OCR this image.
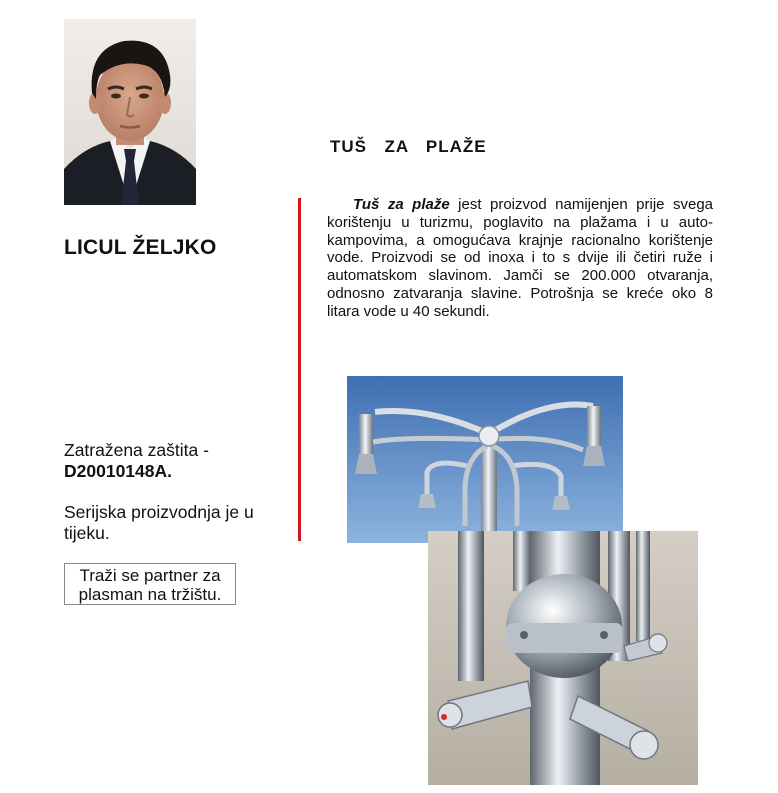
LICUL ŽELJKO
Zatražena zaštita -
D20010148A.
Serijska proizvodnja je u tijeku.
Traži se partner za plasman na tržištu.
TUŠ  ZA  PLAŽE
Tuš za plaže jest proizvod namijenjen prije svega korištenju u turizmu, poglavito na plažama i u auto-kampovima, a omogućava krajnje racionalno korištenje vode. Proizvodi se od inoxa i to s dvije ili četiri ruže i automatskom slavinom. Jamči se 200.000 otvaranja, odnosno zatvaranja slavine. Potrošnja se kreće oko 8 litara vode u 40 sekundi.
